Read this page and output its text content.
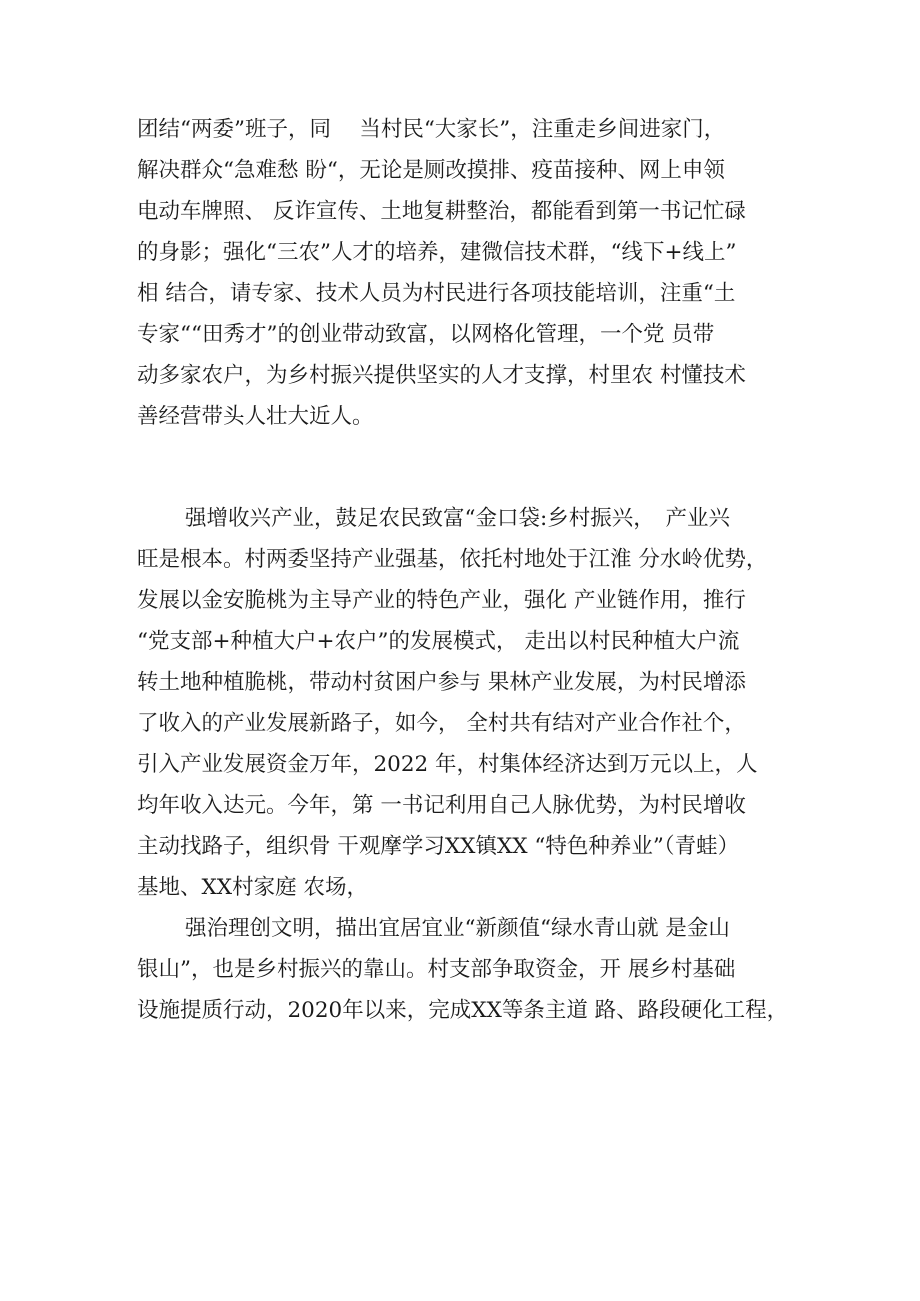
团结“两委”班子，同　 当村民“大家长”，注重走乡间进家门，
解决群众“急难愁 盼“，无论是厕改摸排、疫苗接种、网上申领
电动车牌照、 反诈宣传、土地复耕整治，都能看到第一书记忙碌
的身影；强化“三农”人才的培养，建微信技术群，“线下+线上”
相 结合，请专家、技术人员为村民进行各项技能培训，注重“土
专家““田秀才”的创业带动致富，以网格化管理，一个党 员带
动多家农户，为乡村振兴提供坚实的人才支撑，村里农 村懂技术
善经营带头人壮大近人。
强增收兴产业，鼓足农民致富“金口袋:乡村振兴，　产业兴
旺是根本。村两委坚持产业强基，依托村地处于江淮 分水岭优势，
发展以金安脆桃为主导产业的特色产业，强化 产业链作用，推行
“党支部+种植大户+农户”的发展模式， 走出以村民种植大户流
转土地种植脆桃，带动村贫困户参与 果林产业发展，为村民增添
了收入的产业发展新路子，如今， 全村共有结对产业合作社个，
引入产业发展资金万年，2022 年，村集体经济达到万元以上，人
均年收入达元。今年，第 一书记利用自己人脉优势，为村民增收
主动找路子，组织骨 干观摩学习XX镇XX “特色种养业”（青蛙）
基地、XX村家庭 农场，
强治理创文明，描出宜居宜业“新颜值“绿水青山就 是金山
银山”，也是乡村振兴的靠山。村支部争取资金，开 展乡村基础
设施提质行动，2020年以来，完成XX等条主道 路、路段硬化工程，
